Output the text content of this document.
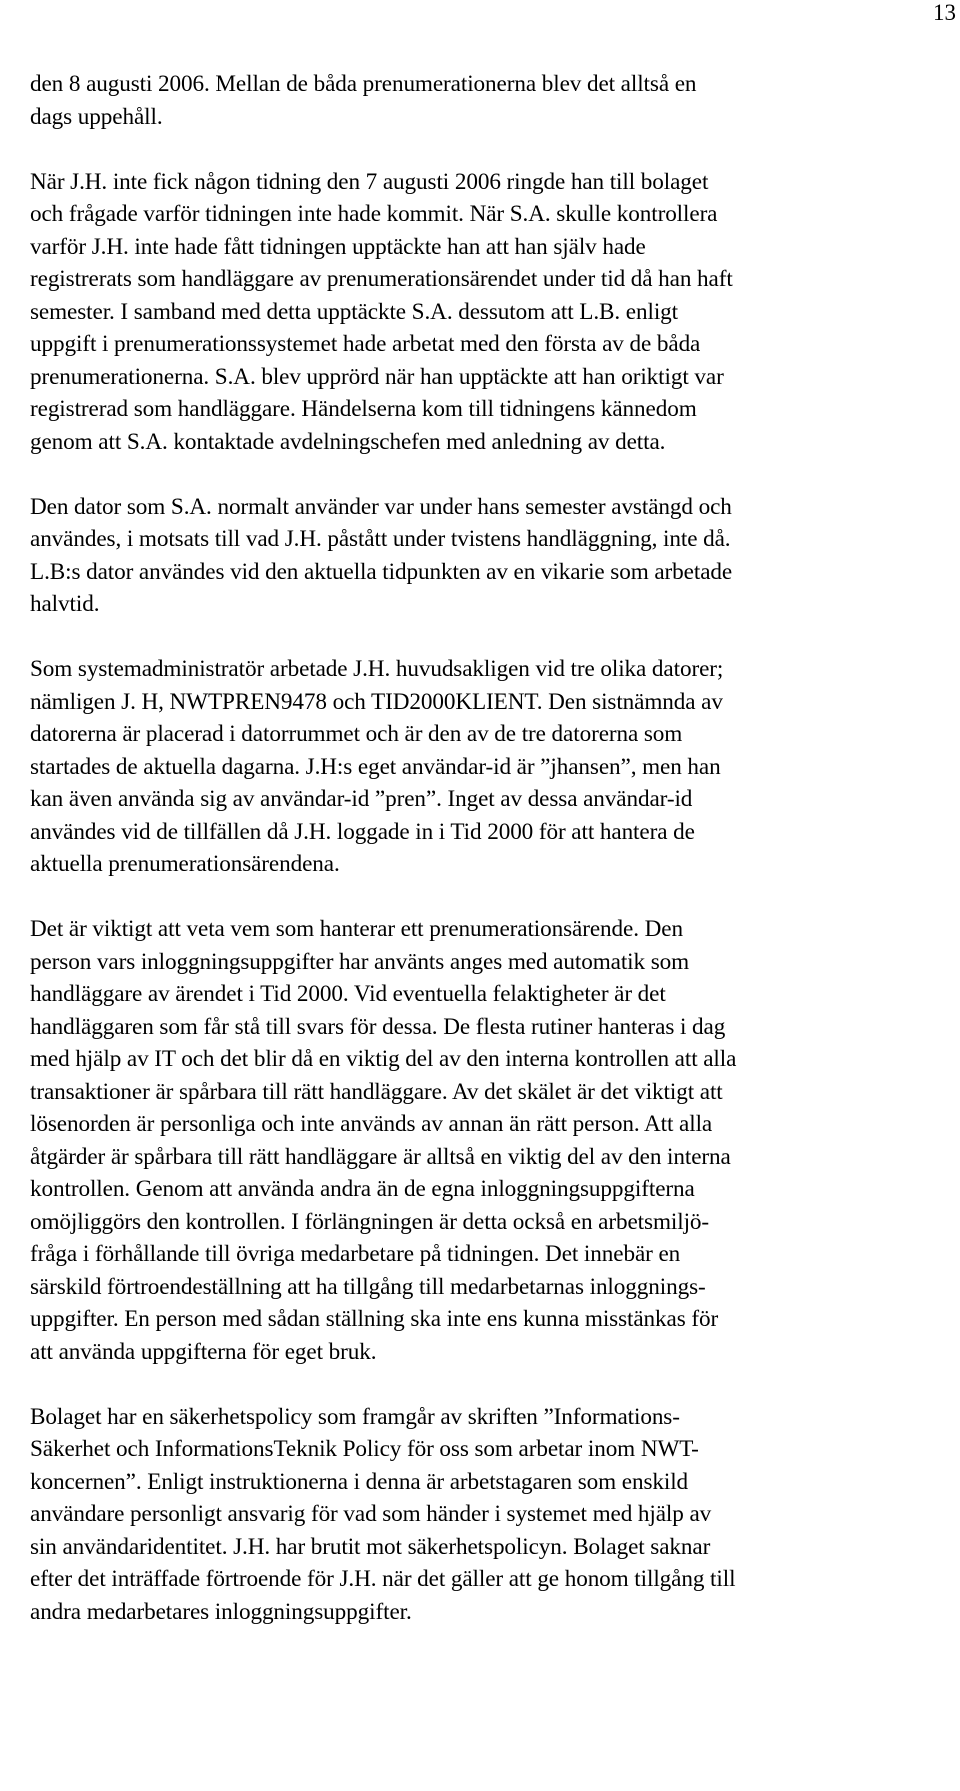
13

den 8 augusti 2006. Mellan de båda prenumerationerna blev det alltså en
dags uppehåll.

När J.H. inte fick någon tidning den 7 augusti 2006 ringde han till bolaget
och frågade varför tidningen inte hade kommit. När S.A. skulle kontrollera
varför J.H. inte hade fått tidningen upptäckte han att han själv hade
registrerats som handläggare av prenumerationsärendet under tid då han haft
semester. I samband med detta upptäckte S.A. dessutom att L.B. enligt
uppgift i prenumerationssystemet hade arbetat med den första av de båda
prenumerationerna. S.A. blev upprörd när han upptäckte att han oriktigt var
registrerad som handläggare. Händelserna kom till tidningens kännedom
genom att S.A. kontaktade avdelningschefen med anledning av detta.

Den dator som S.A. normalt använder var under hans semester avstängd och
användes, i motsats till vad J.H. påstått under tvistens handläggning, inte då.
L.B:s dator användes vid den aktuella tidpunkten av en vikarie som arbetade
halvtid.

Som systemadministratör arbetade J.H. huvudsakligen vid tre olika datorer;
nämligen J. H, NWTPREN9478 och TID2000KLIENT. Den sistnämnda av
datorerna är placerad i datorrummet och är den av de tre datorerna som
startades de aktuella dagarna. J.H:s eget användar-id är ”jhansen”, men han
kan även använda sig av användar-id ”pren”. Inget av dessa användar-id
användes vid de tillfällen då J.H. loggade in i Tid 2000 för att hantera de
aktuella prenumerationsärendena.

Det är viktigt att veta vem som hanterar ett prenumerationsärende. Den
person vars inloggningsuppgifter har använts anges med automatik som
handläggare av ärendet i Tid 2000. Vid eventuella felaktigheter är det
handläggaren som får stå till svars för dessa. De flesta rutiner hanteras i dag
med hjälp av IT och det blir då en viktig del av den interna kontrollen att alla
transaktioner är spårbara till rätt handläggare. Av det skälet är det viktigt att
lösenorden är personliga och inte används av annan än rätt person. Att alla
åtgärder är spårbara till rätt handläggare är alltså en viktig del av den interna
kontrollen. Genom att använda andra än de egna inloggningsuppgifterna
omöjliggörs den kontrollen. I förlängningen är detta också en arbetsmiljö-
fråga i förhållande till övriga medarbetare på tidningen. Det innebär en
särskild förtroendeställning att ha tillgång till medarbetarnas inloggnings-
uppgifter. En person med sådan ställning ska inte ens kunna misstänkas för
att använda uppgifterna för eget bruk.

Bolaget har en säkerhetspolicy som framgår av skriften ”Informations-
Säkerhet och InformationsTeknik Policy för oss som arbetar inom NWT-
koncernen”. Enligt instruktionerna i denna är arbetstagaren som enskild
användare personligt ansvarig för vad som händer i systemet med hjälp av
sin användaridentitet. J.H. har brutit mot säkerhetspolicyn. Bolaget saknar
efter det inträffade förtroende för J.H. när det gäller att ge honom tillgång till
andra medarbetares inloggningsuppgifter.
